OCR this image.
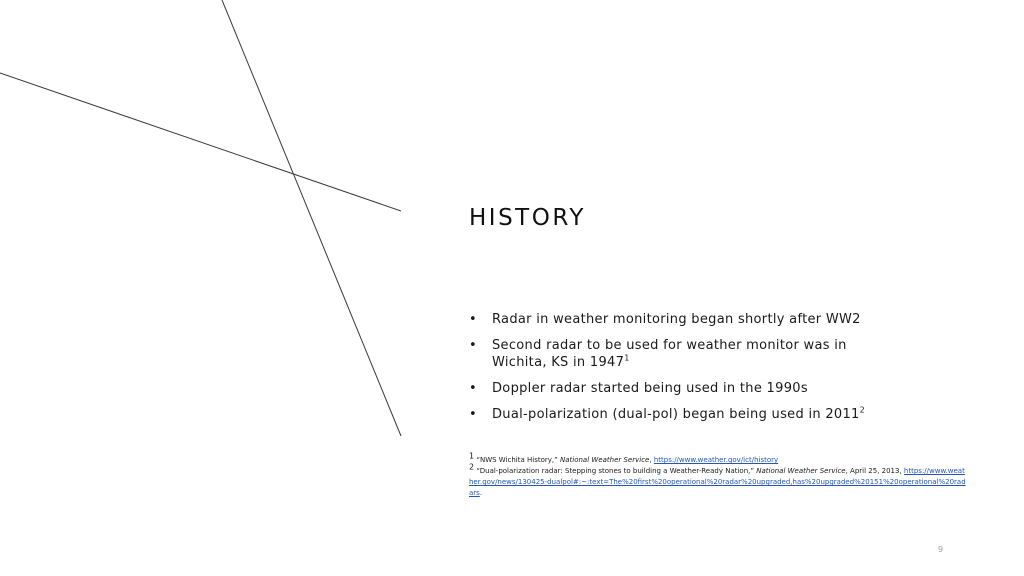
HISTORY
• Radar in weather monitoring began shortly after WW2
• Second radar to be used for weather monitor was in Wichita, KS in 1947$^1$
• Doppler radar started being used in the 1990s
• Dual-polarization (dual-pol) began being used in 2011$^2$
$^1$ “NWS Wichita History,” National Weather Service, https://www.weather.gov/ict/history
$^2$ “Dual-polarization radar: Stepping stones to building a Weather-Ready Nation,” National Weather Service, April 25, 2013, https://www.weather.gov/news/130425-dualpol#:~:text=The%20first%20operational%20radar%20upgraded,has%20upgraded%20151%20operational%20radars.
9
